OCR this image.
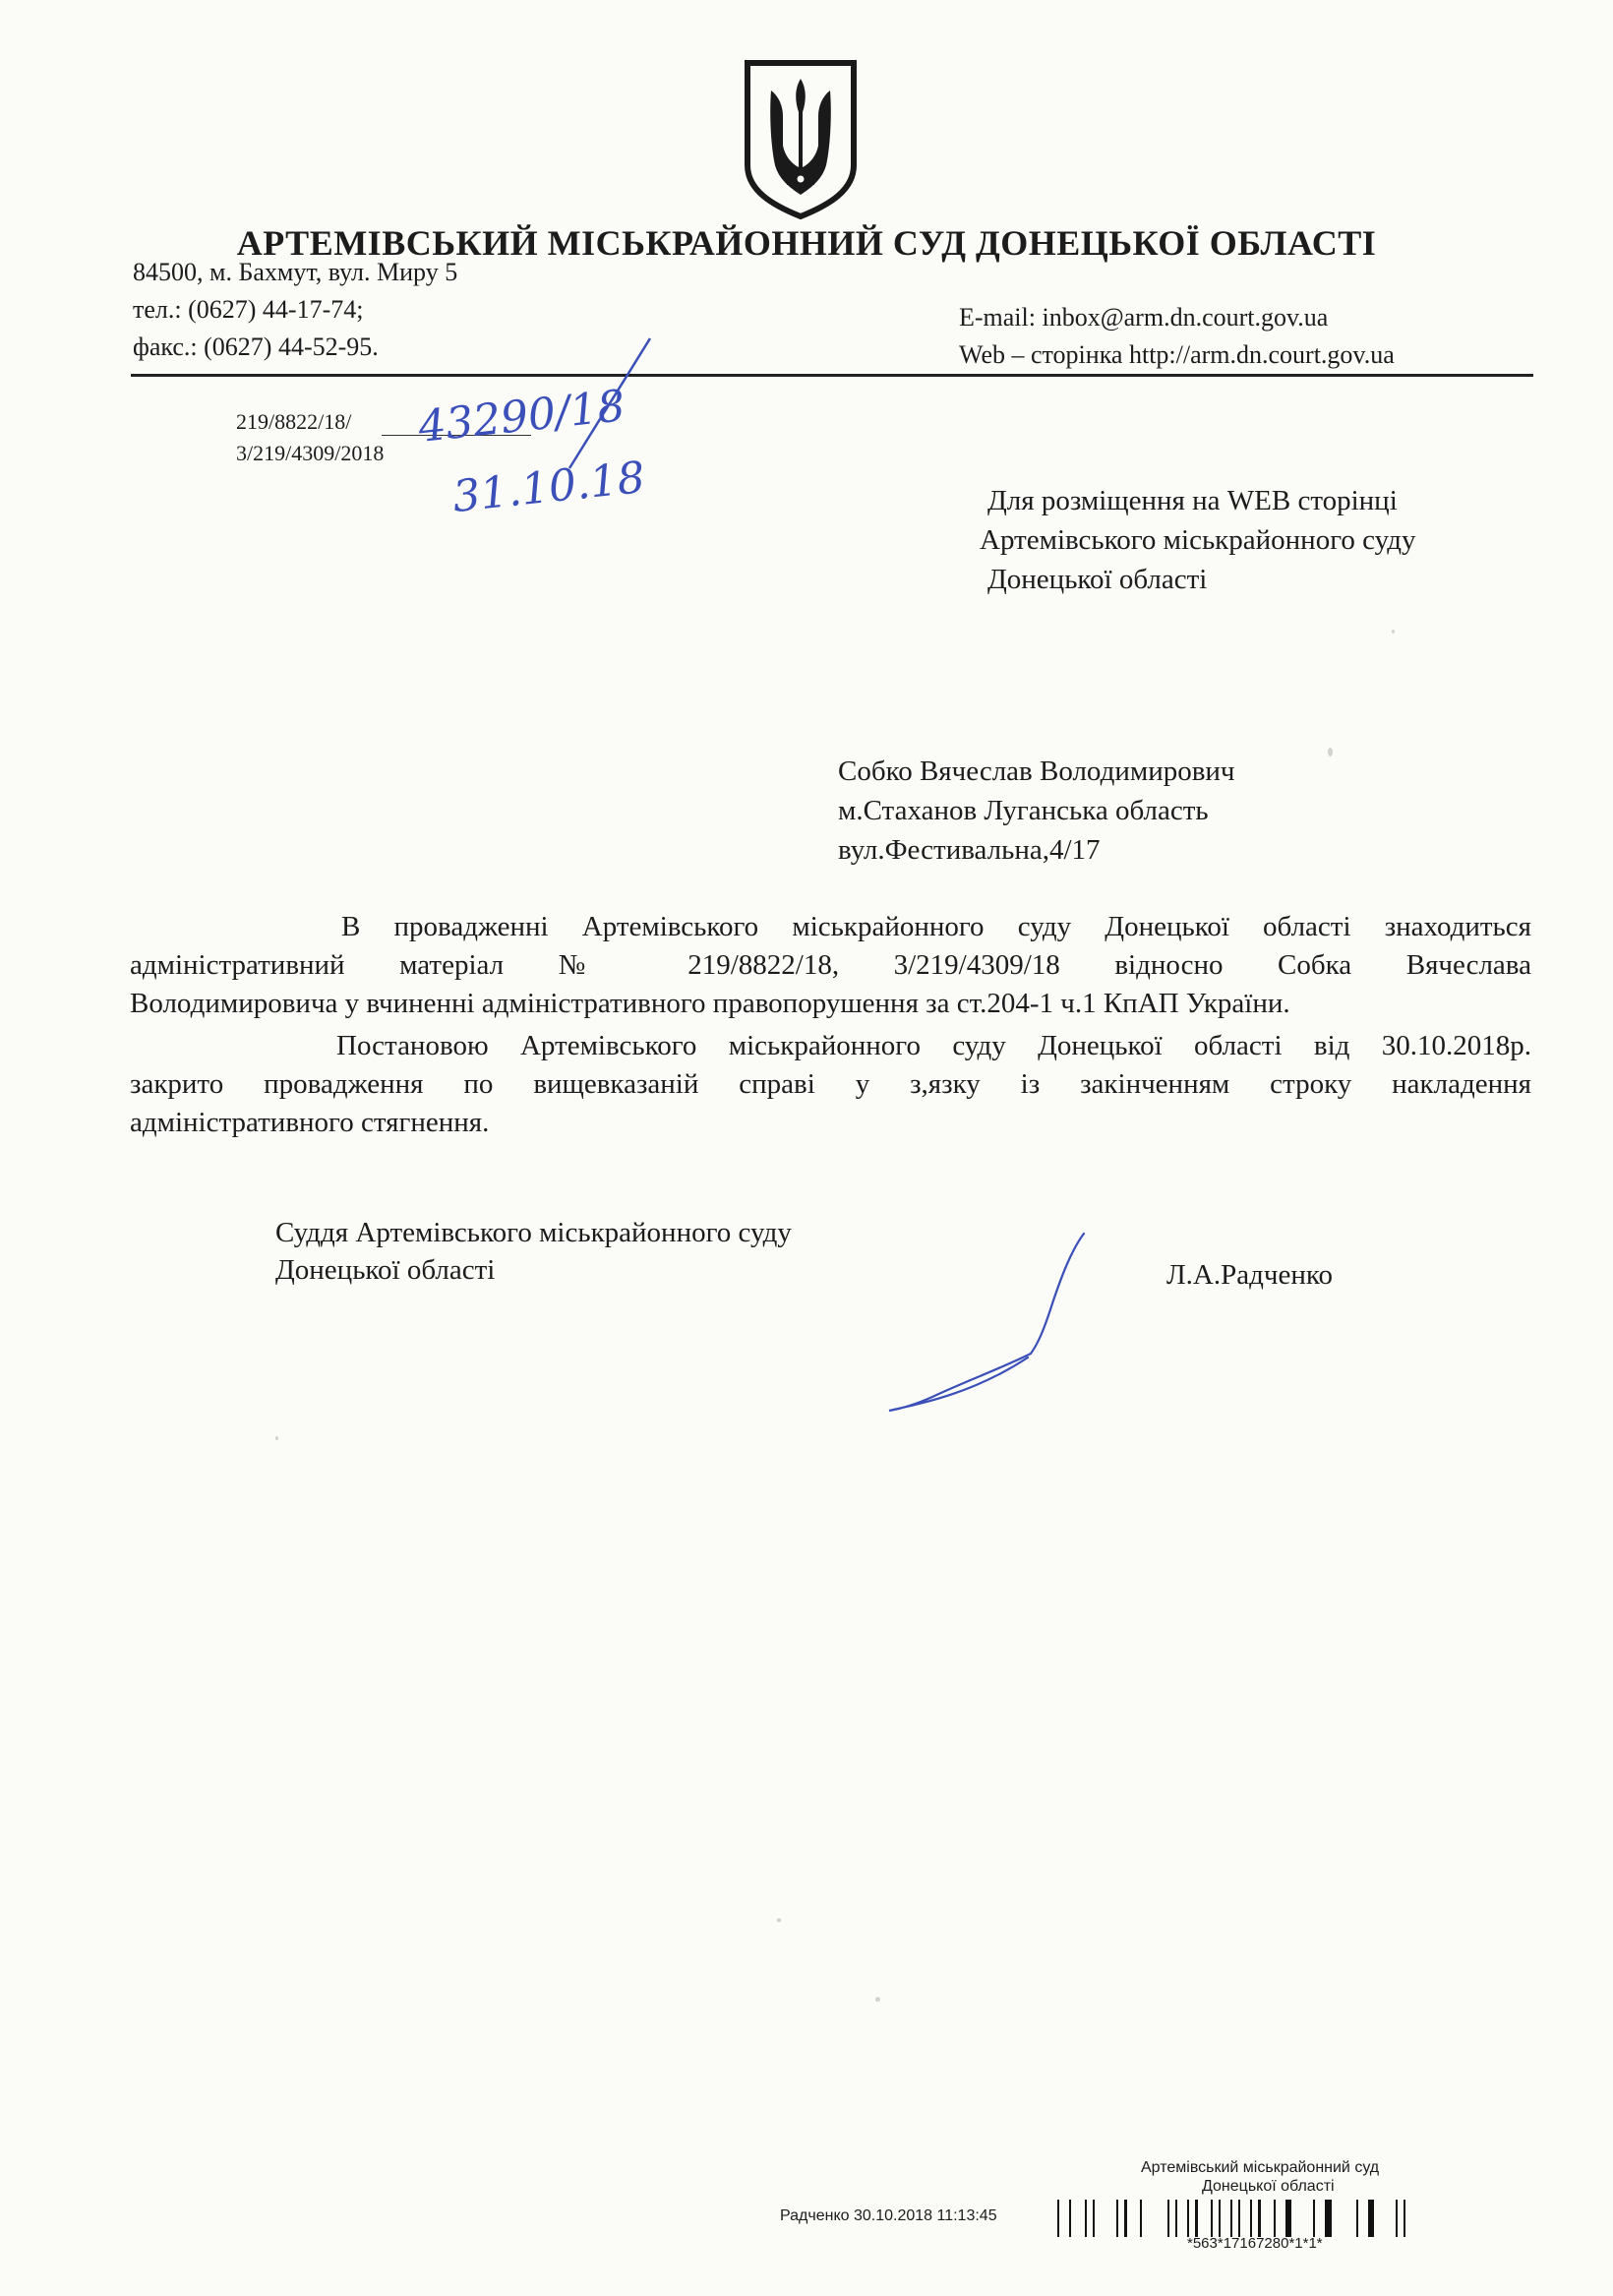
АРТЕМІВСЬКИЙ МІСЬКРАЙОННИЙ СУД ДОНЕЦЬКОЇ ОБЛАСТІ
84500, м. Бахмут, вул. Миру 5
тел.: (0627) 44-17-74;
факс.: (0627) 44-52-95.
E-mail: inbox@arm.dn.court.gov.ua
Web – сторінка http://arm.dn.court.gov.ua
219/8822/18/
3/219/4309/2018
43290/18
31.10.18	Для розміщення на WEB сторінці
Артемівського міськрайонного суду
Донецької області
Собко Вячеслав Володимирович
м.Стаханов Луганська область
вул.Фестивальна,4/17
В провадженні Артемівського міськрайонного суду Донецької області знаходиться
адміністративний матеріал № 219/8822/18, 3/219/4309/18 відносно Собка Вячеслава
Володимировича у вчиненні адміністративного правопорушення за ст.204-1 ч.1 КпАП України.
Постановою Артемівського міськрайонного суду Донецької області від 30.10.2018р.
закрито провадження по вищевказаній справі у з,язку із закінченням строку накладення
адміністративного стягнення.
Суддя Артемівського міськрайонного суду
Донецької області	Л.А.Радченко
Артемівський міськрайонний суд
Донецької області
Радченко 30.10.2018 11:13:45
*563*17167280*1*1*
